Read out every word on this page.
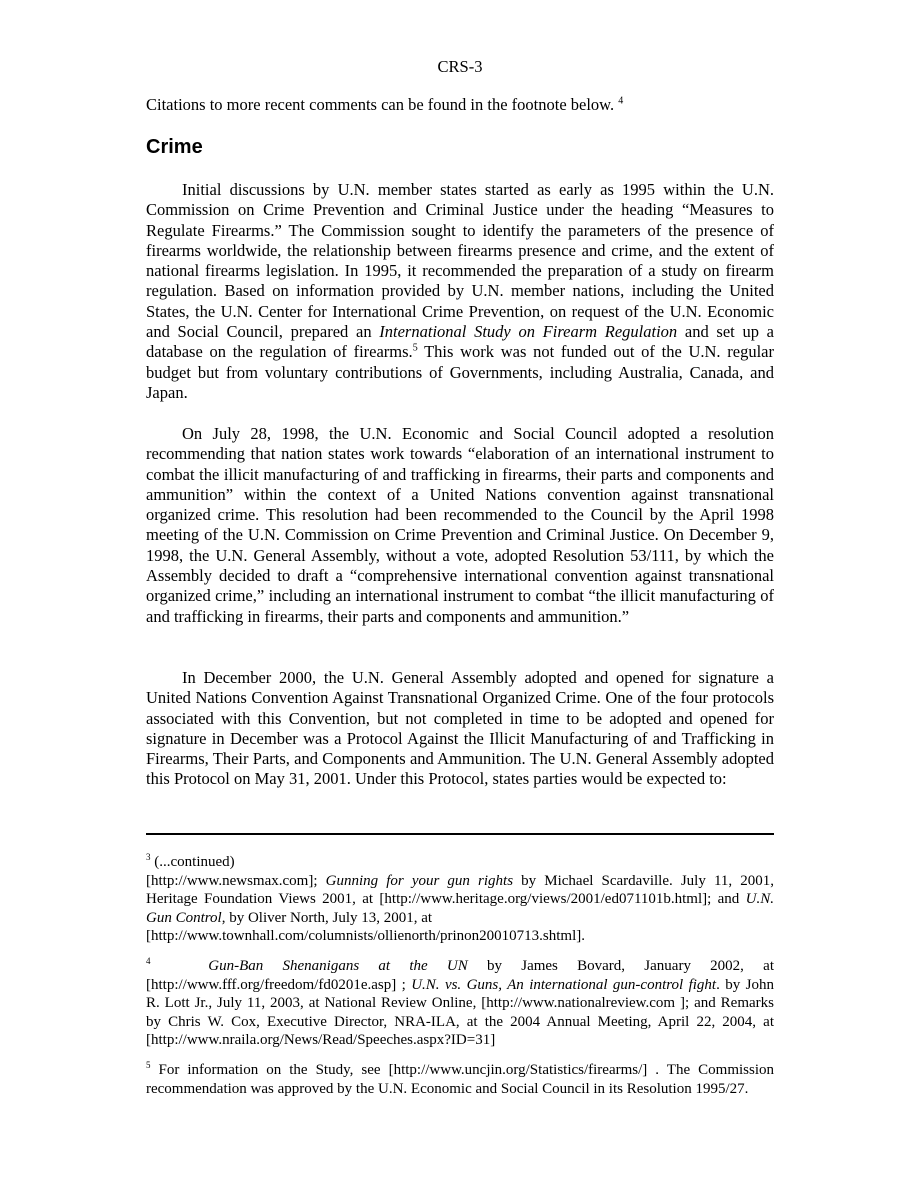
CRS-3
Citations to more recent comments can be found in the footnote below. $^4$
Crime

Initial discussions by U.N. member states started as early as 1995 within the U.N. Commission on Crime Prevention and Criminal Justice under the heading “Measures to Regulate Firearms.” The Commission sought to identify the parameters of the presence of firearms worldwide, the relationship between firearms presence and crime, and the extent of national firearms legislation. In 1995, it recommended the preparation of a study on firearm regulation. Based on information provided by U.N. member nations, including the United States, the U.N. Center for International Crime Prevention, on request of the U.N. Economic and Social Council, prepared an International Study on Firearm Regulation and set up a database on the regulation of firearms.$^5$ This work was not funded out of the U.N. regular budget but from voluntary contributions of Governments, including Australia, Canada, and Japan.

On July 28, 1998, the U.N. Economic and Social Council adopted a resolution recommending that nation states work towards “elaboration of an international instrument to combat the illicit manufacturing of and trafficking in firearms, their parts and components and ammunition” within the context of a United Nations convention against transnational organized crime. This resolution had been recommended to the Council by the April 1998 meeting of the U.N. Commission on Crime Prevention and Criminal Justice. On December 9, 1998, the U.N. General Assembly, without a vote, adopted Resolution 53/111, by which the Assembly decided to draft a “comprehensive international convention against transnational organized crime,” including an international instrument to combat “the illicit manufacturing of and trafficking in firearms, their parts and components and ammunition.”

In December 2000, the U.N. General Assembly adopted and opened for signature a United Nations Convention Against Transnational Organized Crime. One of the four protocols associated with this Convention, but not completed in time to be adopted and opened for signature in December was a Protocol Against the Illicit Manufacturing of and Trafficking in Firearms, Their Parts, and Components and Ammunition. The U.N. General Assembly adopted this Protocol on May 31, 2001. Under this Protocol, states parties would be expected to:

$^3$ (...continued)
[http://www.newsmax.com]; Gunning for your gun rights by Michael Scardaville. July 11, 2001, Heritage Foundation Views 2001, at [http://www.heritage.org/views/2001/ed071101b.html]; and U.N. Gun Control, by Oliver North, July 13, 2001, at
[http://www.townhall.com/columnists/ollienorth/prinon20010713.shtml].
$^4$	Gun-Ban Shenanigans at the UN by James Bovard, January 2002, at [http://www.fff.org/freedom/fd0201e.asp] ; U.N. vs. Guns, An international gun-control fight. by John R. Lott Jr., July 11, 2003, at National Review Online, [http://www.nationalreview.com ]; and Remarks by Chris W. Cox, Executive Director, NRA-ILA, at the 2004 Annual Meeting, April 22, 2004, at [http://www.nraila.org/News/Read/Speeches.aspx?ID=31]
$^5$ For information on the Study, see [http://www.uncjin.org/Statistics/firearms/] . The Commission recommendation was approved by the U.N. Economic and Social Council in its Resolution 1995/27.
